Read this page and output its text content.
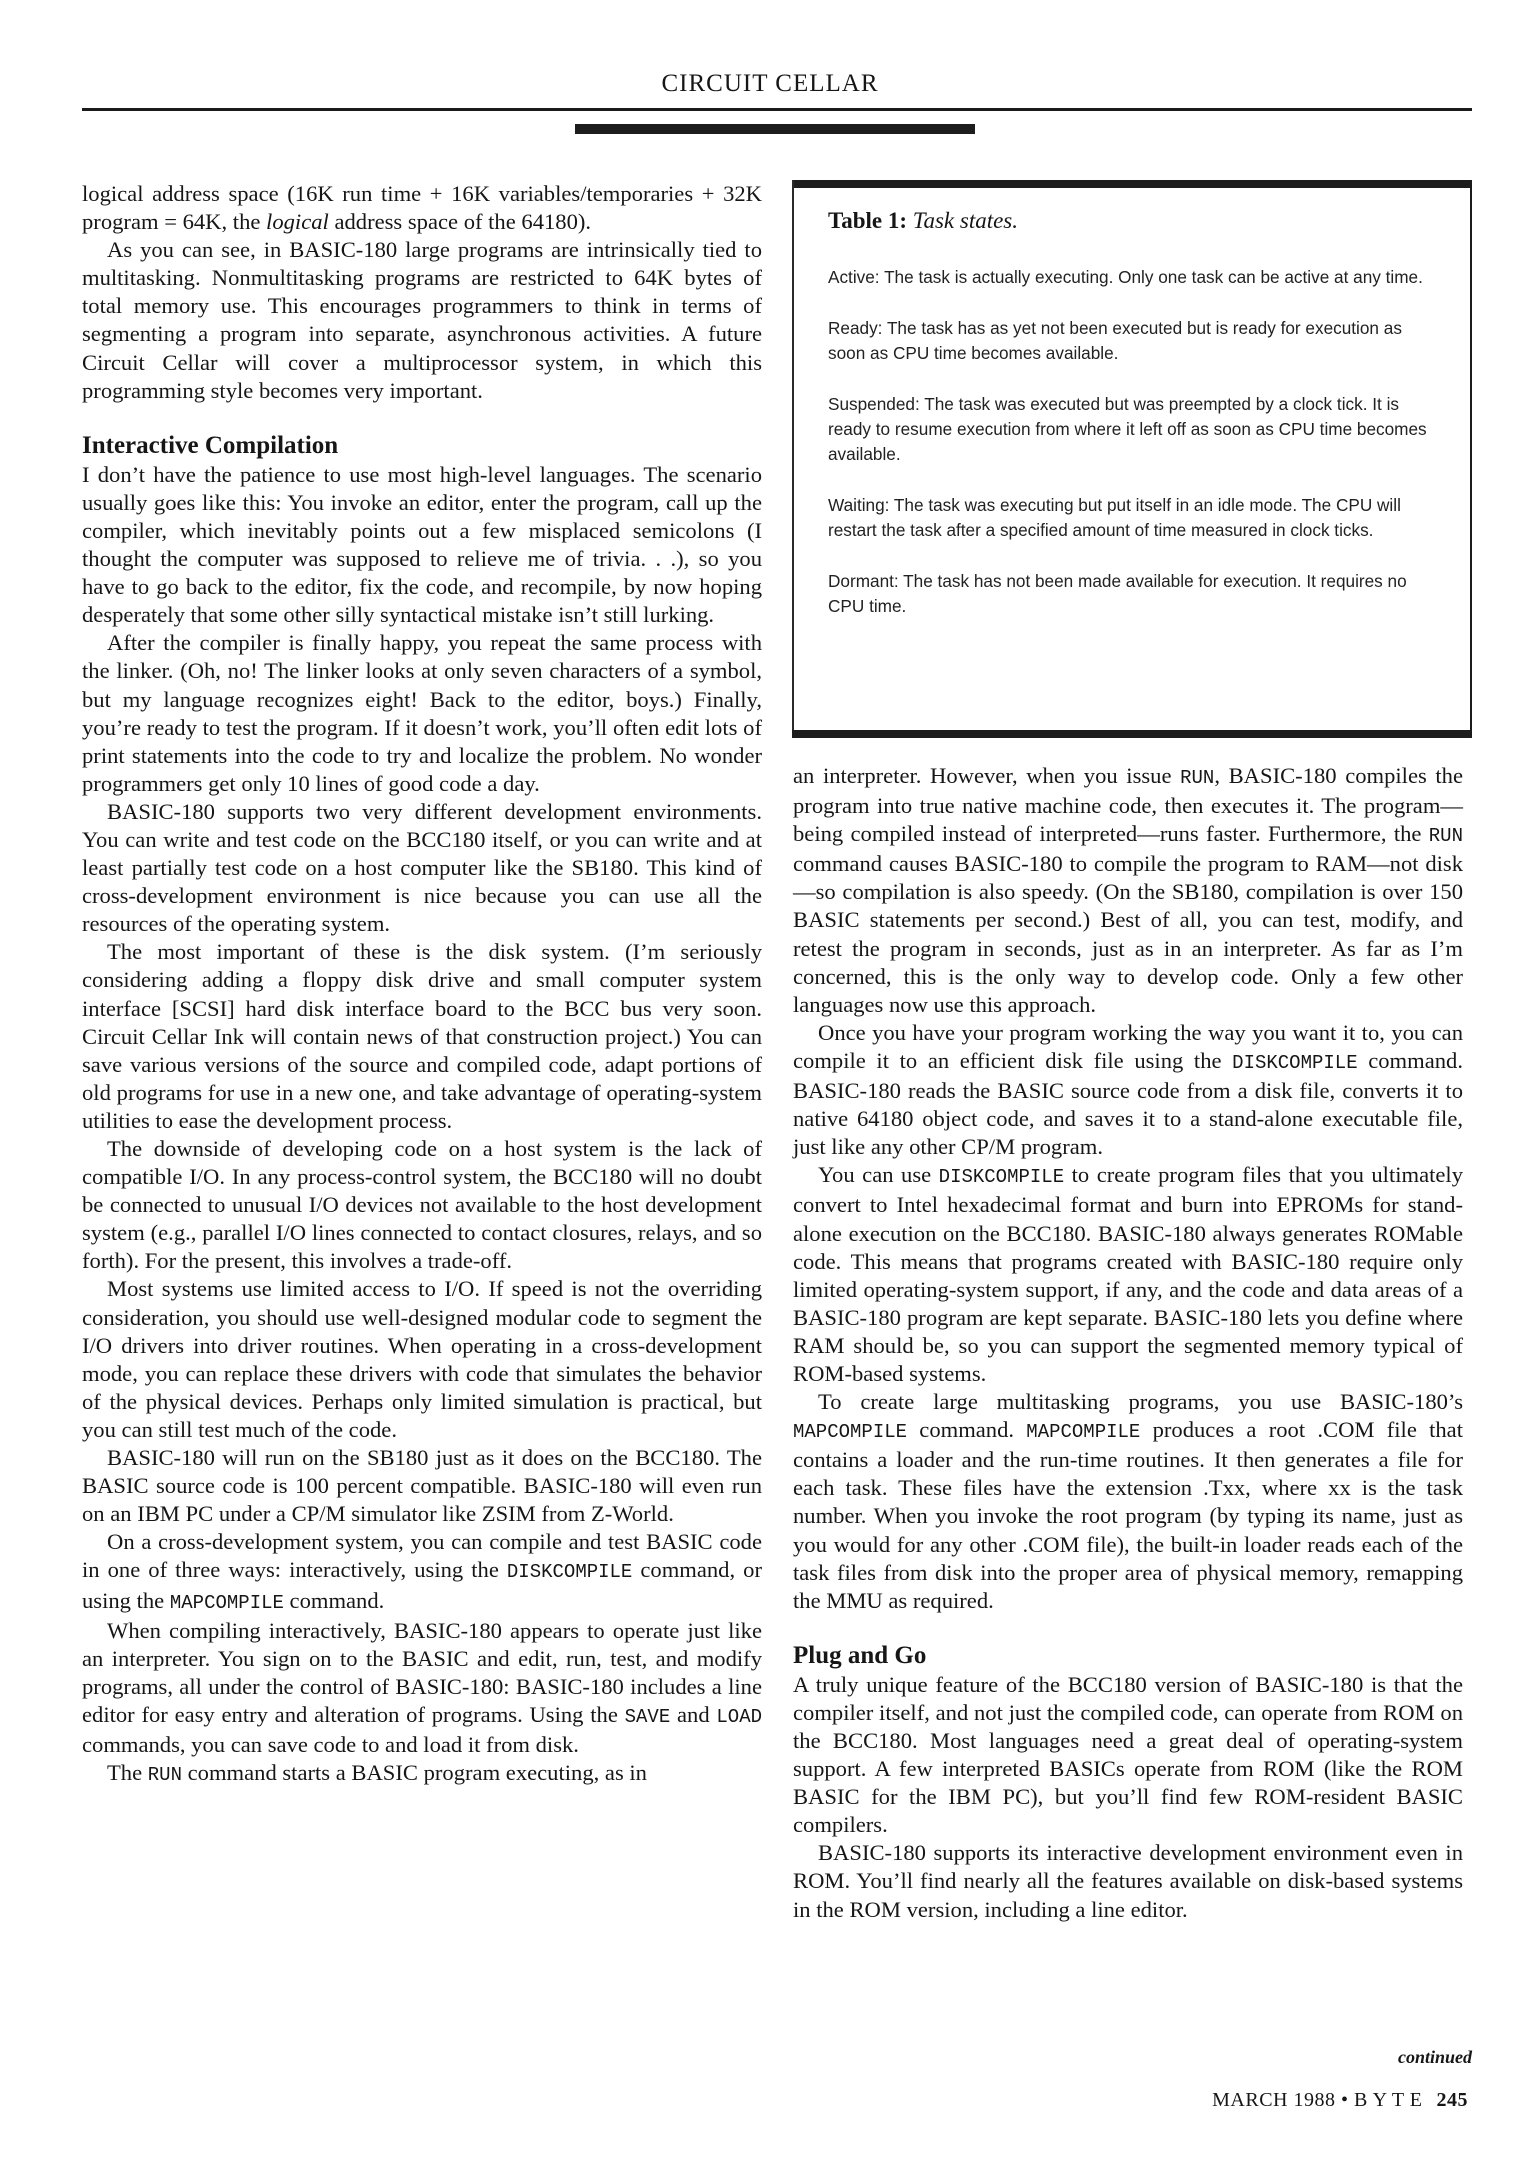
CIRCUIT CELLAR

logical address space (16K run time + 16K variables/temporaries + 32K program = 64K, the logical address space of the 64180).

As you can see, in BASIC-180 large programs are intrinsically tied to multitasking. Nonmultitasking programs are restricted to 64K bytes of total memory use. This encourages programmers to think in terms of segmenting a program into separate, asynchronous activities. A future Circuit Cellar will cover a multiprocessor system, in which this programming style becomes very important.

Interactive Compilation

I don’t have the patience to use most high-level languages. The scenario usually goes like this: You invoke an editor, enter the program, call up the compiler, which inevitably points out a few misplaced semicolons (I thought the computer was supposed to relieve me of trivia. . .), so you have to go back to the editor, fix the code, and recompile, by now hoping desperately that some other silly syntactical mistake isn’t still lurking.

After the compiler is finally happy, you repeat the same process with the linker. (Oh, no! The linker looks at only seven characters of a symbol, but my language recognizes eight! Back to the editor, boys.) Finally, you’re ready to test the program. If it doesn’t work, you’ll often edit lots of print statements into the code to try and localize the problem. No wonder programmers get only 10 lines of good code a day.

BASIC-180 supports two very different development environments. You can write and test code on the BCC180 itself, or you can write and at least partially test code on a host computer like the SB180. This kind of cross-development environment is nice because you can use all the resources of the operating system.

The most important of these is the disk system. (I’m seriously considering adding a floppy disk drive and small computer system interface [SCSI] hard disk interface board to the BCC bus very soon. Circuit Cellar Ink will contain news of that construction project.) You can save various versions of the source and compiled code, adapt portions of old programs for use in a new one, and take advantage of operating-system utilities to ease the development process.

The downside of developing code on a host system is the lack of compatible I/O. In any process-control system, the BCC180 will no doubt be connected to unusual I/O devices not available to the host development system (e.g., parallel I/O lines connected to contact closures, relays, and so forth). For the present, this involves a trade-off.

Most systems use limited access to I/O. If speed is not the overriding consideration, you should use well-designed modular code to segment the I/O drivers into driver routines. When operating in a cross-development mode, you can replace these drivers with code that simulates the behavior of the physical devices. Perhaps only limited simulation is practical, but you can still test much of the code.

BASIC-180 will run on the SB180 just as it does on the BCC180. The BASIC source code is 100 percent compatible. BASIC-180 will even run on an IBM PC under a CP/M simulator like ZSIM from Z-World.

On a cross-development system, you can compile and test BASIC code in one of three ways: interactively, using the DISKCOMPILE command, or using the MAPCOMPILE command.

When compiling interactively, BASIC-180 appears to operate just like an interpreter. You sign on to the BASIC and edit, run, test, and modify programs, all under the control of BASIC-180: BASIC-180 includes a line editor for easy entry and alteration of programs. Using the SAVE and LOAD commands, you can save code to and load it from disk.

The RUN command starts a BASIC program executing, as in

Table 1: Task states.
Active: The task is actually executing. Only one task can be active at any time.
Ready: The task has as yet not been executed but is ready for execution as soon as CPU time becomes available.
Suspended: The task was executed but was preempted by a clock tick. It is ready to resume execution from where it left off as soon as CPU time becomes available.
Waiting: The task was executing but put itself in an idle mode. The CPU will restart the task after a specified amount of time measured in clock ticks.
Dormant: The task has not been made available for execution. It requires no CPU time.

an interpreter. However, when you issue RUN, BASIC-180 compiles the program into true native machine code, then executes it. The program—being compiled instead of interpreted—runs faster. Furthermore, the RUN command causes BASIC-180 to compile the program to RAM—not disk—so compilation is also speedy. (On the SB180, compilation is over 150 BASIC statements per second.) Best of all, you can test, modify, and retest the program in seconds, just as in an interpreter. As far as I’m concerned, this is the only way to develop code. Only a few other languages now use this approach.

Once you have your program working the way you want it to, you can compile it to an efficient disk file using the DISKCOMPILE command. BASIC-180 reads the BASIC source code from a disk file, converts it to native 64180 object code, and saves it to a stand-alone executable file, just like any other CP/M program.

You can use DISKCOMPILE to create program files that you ultimately convert to Intel hexadecimal format and burn into EPROMs for stand-alone execution on the BCC180. BASIC-180 always generates ROMable code. This means that programs created with BASIC-180 require only limited operating-system support, if any, and the code and data areas of a BASIC-180 program are kept separate. BASIC-180 lets you define where RAM should be, so you can support the segmented memory typical of ROM-based systems.

To create large multitasking programs, you use BASIC-180’s MAPCOMPILE command. MAPCOMPILE produces a root .COM file that contains a loader and the run-time routines. It then generates a file for each task. These files have the extension .Txx, where xx is the task number. When you invoke the root program (by typing its name, just as you would for any other .COM file), the built-in loader reads each of the task files from disk into the proper area of physical memory, remapping the MMU as required.

Plug and Go

A truly unique feature of the BCC180 version of BASIC-180 is that the compiler itself, and not just the compiled code, can operate from ROM on the BCC180. Most languages need a great deal of operating-system support. A few interpreted BASICs operate from ROM (like the ROM BASIC for the IBM PC), but you’ll find few ROM-resident BASIC compilers.

BASIC-180 supports its interactive development environment even in ROM. You’ll find nearly all the features available on disk-based systems in the ROM version, including a line editor.

continued
MARCH 1988 • B Y T E 245
